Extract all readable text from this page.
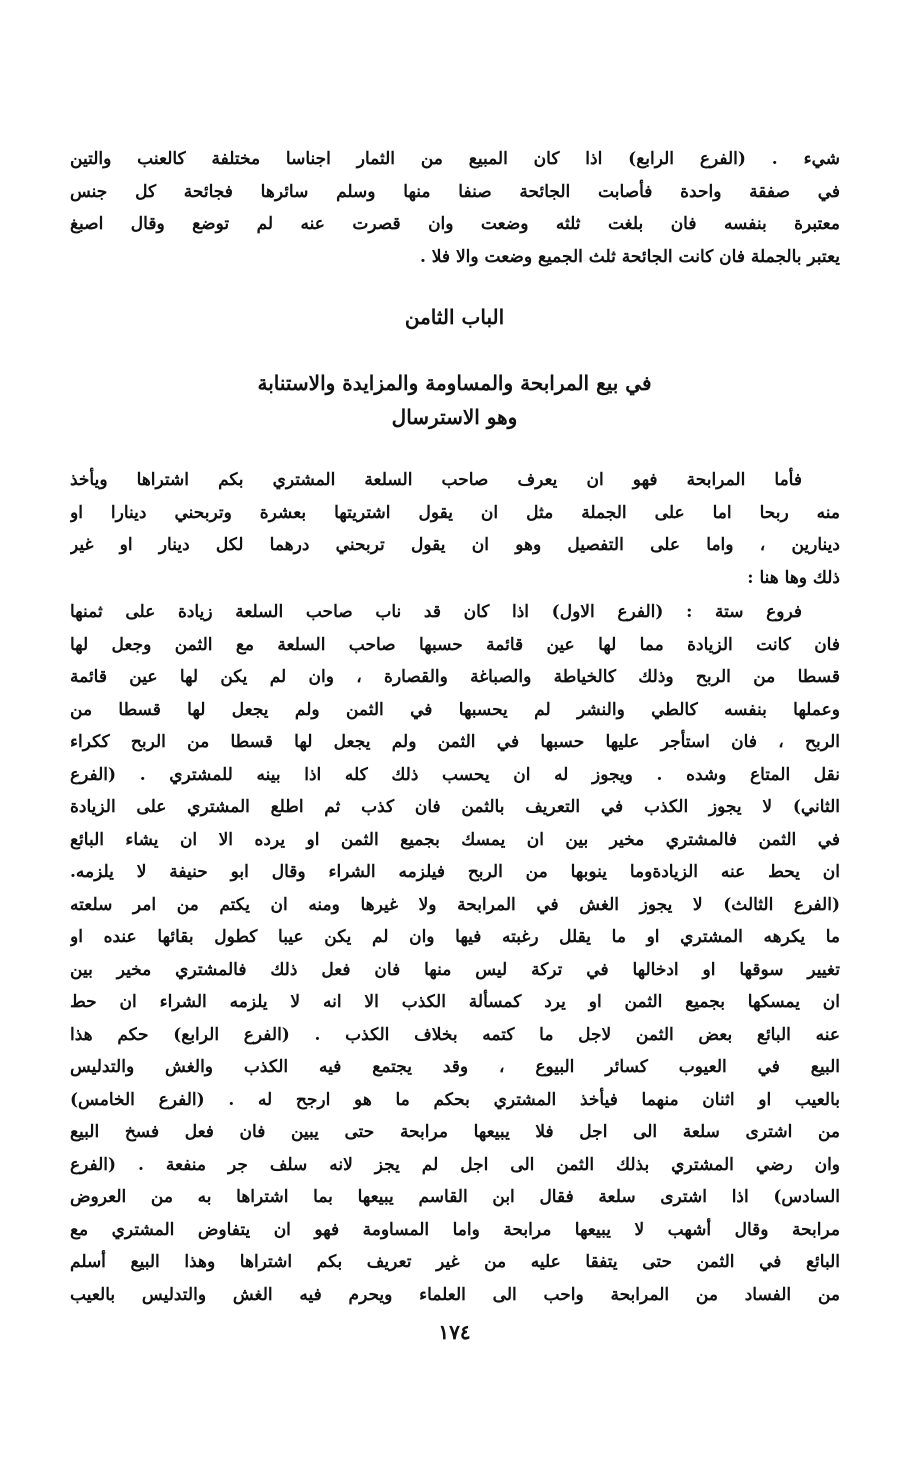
شيء . (الفرع الرابع) اذا كان المبيع من الثمار اجناسا مختلفة كالعنب والتين
في صفقة واحدة فأصابت الجائحة صنفا منها وسلم سائرها فجائحة كل جنس
معتبرة بنفسه فان بلغت ثلثه وضعت وان قصرت عنه لم توضع وقال اصبغ
يعتبر بالجملة فان كانت الجائحة ثلث الجميع وضعت والا فلا .
الباب الثامن
في بيع المرابحة والمساومة والمزايدة والاستنابة
وهو الاسترسال
فأما المرابحة فهو ان يعرف صاحب السلعة المشتري بكم اشتراها ويأخذ
منه ربحا اما على الجملة مثل ان يقول اشتريتها بعشرة وتربحني دينارا او
دينارين ، واما على التفصيل وهو ان يقول تربحني درهما لكل دينار او غير
ذلك وها هنا :
فروع ستة : (الفرع الاول) اذا كان قد ناب صاحب السلعة زيادة على ثمنها
فان كانت الزيادة مما لها عين قائمة حسبها صاحب السلعة مع الثمن وجعل لها
قسطا من الربح وذلك كالخياطة والصباغة والقصارة ، وان لم يكن لها عين قائمة
وعملها بنفسه كالطي والنشر لم يحسبها في الثمن ولم يجعل لها قسطا من
الربح ، فان استأجر عليها حسبها في الثمن ولم يجعل لها قسطا من الربح ككراء
نقل المتاع وشده . ويجوز له ان يحسب ذلك كله اذا بينه للمشتري . (الفرع
الثاني) لا يجوز الكذب في التعريف بالثمن فان كذب ثم اطلع المشتري على الزيادة
في الثمن فالمشتري مخير بين ان يمسك بجميع الثمن او يرده الا ان يشاء البائع
ان يحط عنه الزيادةوما ينوبها من الربح فيلزمه الشراء وقال ابو حنيفة لا يلزمه.
(الفرع الثالث) لا يجوز الغش في المرابحة ولا غيرها ومنه ان يكتم من امر سلعته
ما يكرهه المشتري او ما يقلل رغبته فيها وان لم يكن عيبا كطول بقائها عنده او
تغيير سوقها او ادخالها في تركة ليس منها فان فعل ذلك فالمشتري مخير بين
ان يمسكها بجميع الثمن او يرد كمسألة الكذب الا انه لا يلزمه الشراء ان حط
عنه البائع بعض الثمن لاجل ما كتمه بخلاف الكذب . (الفرع الرابع) حكم هذا
البيع في العيوب كسائر البيوع ، وقد يجتمع فيه الكذب والغش والتدليس
بالعيب او اثنان منهما فيأخذ المشتري بحكم ما هو ارجح له . (الفرع الخامس)
من اشترى سلعة الى اجل فلا يبيعها مرابحة حتى يبين فان فعل فسخ البيع
وان رضي المشتري بذلك الثمن الى اجل لم يجز لانه سلف جر منفعة . (الفرع
السادس) اذا اشترى سلعة فقال ابن القاسم يبيعها بما اشتراها به من العروض
مرابحة وقال أشهب لا يبيعها مرابحة واما المساومة فهو ان يتفاوض المشتري مع
البائع في الثمن حتى يتفقا عليه من غير تعريف بكم اشتراها وهذا البيع أسلم
من الفساد من المرابحة واحب الى العلماء ويحرم فيه الغش والتدليس بالعيب
١٧٤
